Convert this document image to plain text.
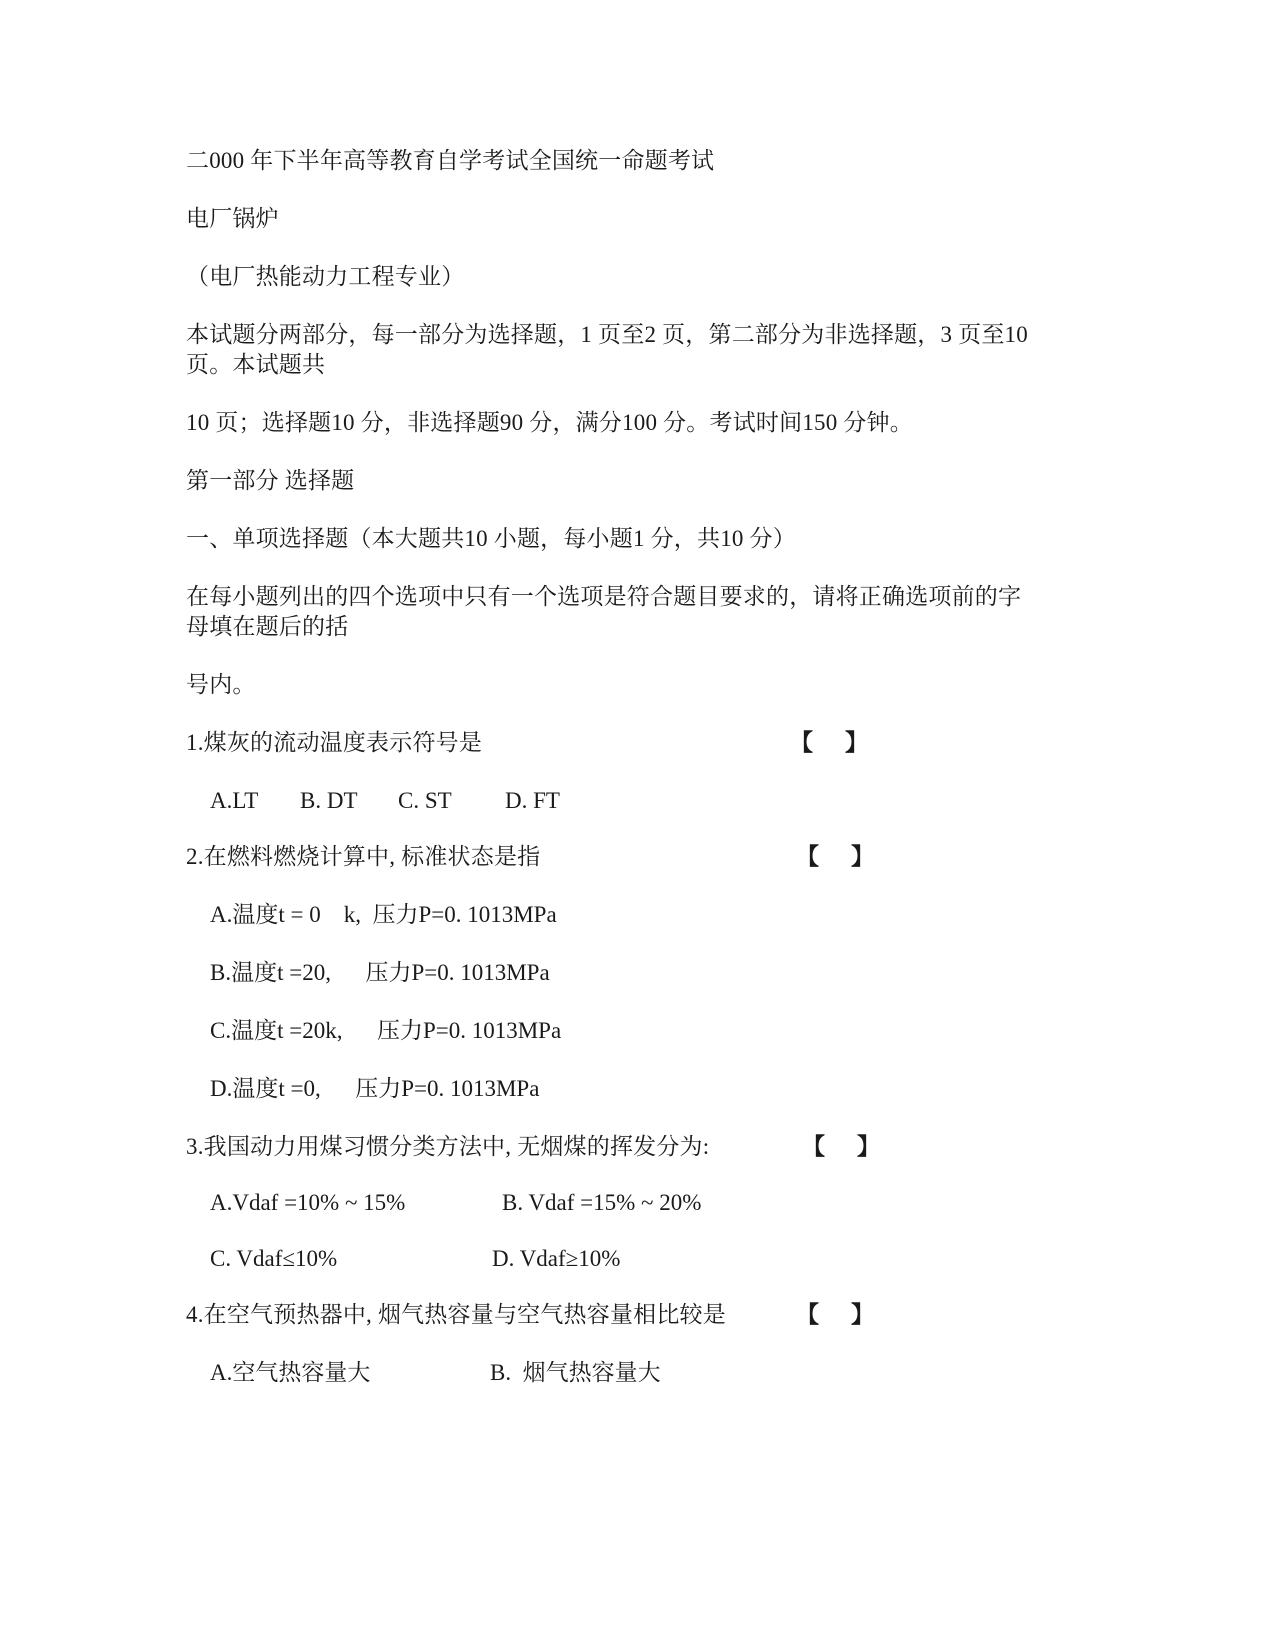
二000 年下半年高等教育自学考试全国统一命题考试
电厂锅炉
（电厂热能动力工程专业）
本试题分两部分，每一部分为选择题，1 页至2 页，第二部分为非选择题，3 页至10
页。本试题共
10 页；选择题10 分，非选择题90 分，满分100 分。考试时间150 分钟。
第一部分 选择题
一、单项选择题（本大题共10 小题，每小题1 分，共10 分）
在每小题列出的四个选项中只有一个选项是符合题目要求的，请将正确选项前的字
母填在题后的括
号内。
1.煤灰的流动温度表示符号是	【    】
A.LT B. DT C. ST D. FT
2.在燃料燃烧计算中, 标准状态是指	【    】
A.温度t = 0    k,  压力P=0. 1013MPa
B.温度t =20,      压力P=0. 1013MPa
C.温度t =20k,      压力P=0. 1013MPa
D.温度t =0,      压力P=0. 1013MPa
3.我国动力用煤习惯分类方法中, 无烟煤的挥发分为:	【    】
A.Vdaf =10% ~ 15%	B. Vdaf =15% ~ 20%
C. Vdaf≤10%	D. Vdaf≥10%
4.在空气预热器中, 烟气热容量与空气热容量相比较是	【    】
A.空气热容量大	B.  烟气热容量大
